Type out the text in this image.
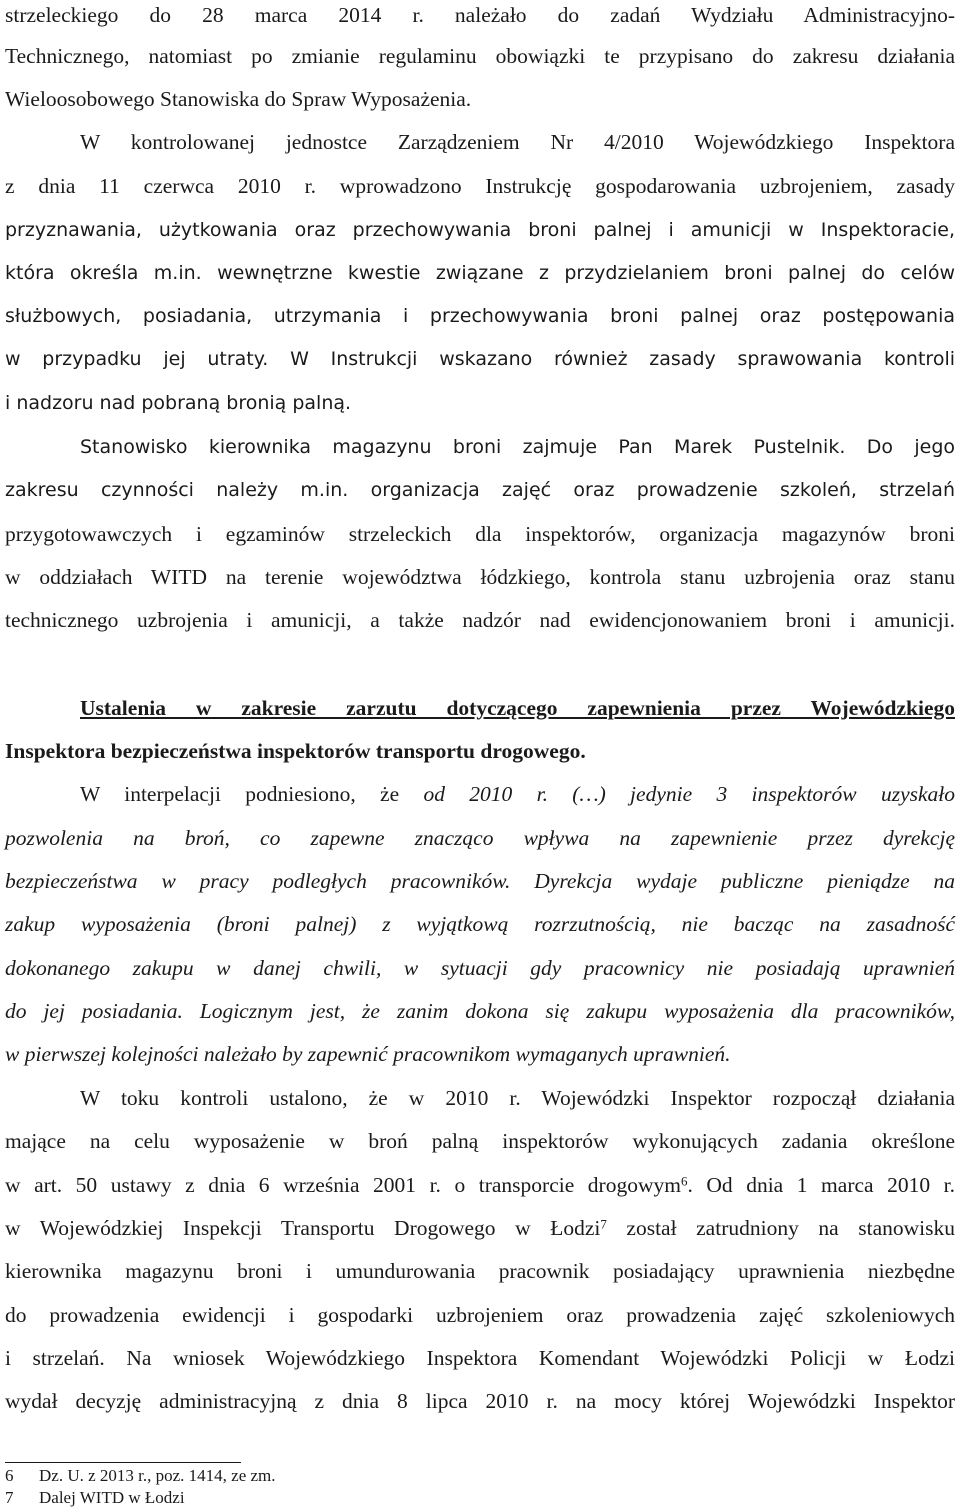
strzeleckiego do 28 marca 2014 r. należało do zadań Wydziału Administracyjno-
Technicznego, natomiast po zmianie regulaminu obowiązki te przypisano do zakresu działania
Wieloosobowego Stanowiska do Spraw Wyposażenia.
W kontrolowanej jednostce Zarządzeniem Nr 4/2010 Wojewódzkiego Inspektora
z dnia 11 czerwca 2010 r. wprowadzono Instrukcję gospodarowania uzbrojeniem, zasady
przyznawania, użytkowania oraz przechowywania broni palnej i amunicji w Inspektoracie,
która określa m.in. wewnętrzne kwestie związane z przydzielaniem broni palnej do celów
służbowych, posiadania, utrzymania i przechowywania broni palnej oraz postępowania
w przypadku jej utraty. W Instrukcji wskazano również zasady sprawowania kontroli
i nadzoru nad pobraną bronią palną.
Stanowisko kierownika magazynu broni zajmuje Pan Marek Pustelnik. Do jego
zakresu czynności należy m.in. organizacja zajęć oraz prowadzenie szkoleń, strzelań
przygotowawczych i egzaminów strzeleckich dla inspektorów, organizacja magazynów broni
w oddziałach WITD na terenie województwa łódzkiego, kontrola stanu uzbrojenia oraz stanu
technicznego uzbrojenia i amunicji, a także nadzór nad ewidencjonowaniem broni i amunicji.
Ustalenia w zakresie zarzutu dotyczącego zapewnienia przez Wojewódzkiego
Inspektora bezpieczeństwa inspektorów transportu drogowego.
W interpelacji podniesiono, że od 2010 r. (…) jedynie 3 inspektorów uzyskało
pozwolenia na broń, co zapewne znacząco wpływa na zapewnienie przez dyrekcję
bezpieczeństwa w pracy podległych pracowników. Dyrekcja wydaje publiczne pieniądze na
zakup wyposażenia (broni palnej) z wyjątkową rozrzutnością, nie bacząc na zasadność
dokonanego zakupu w danej chwili, w sytuacji gdy pracownicy nie posiadają uprawnień
do jej posiadania. Logicznym jest, że zanim dokona się zakupu wyposażenia dla pracowników,
w pierwszej kolejności należało by zapewnić pracownikom wymaganych uprawnień.
W toku kontroli ustalono, że w 2010 r. Wojewódzki Inspektor rozpoczął działania
mające na celu wyposażenie w broń palną inspektorów wykonujących zadania określone
w art. 50 ustawy z dnia 6 września 2001 r. o transporcie drogowym$^6$. Od dnia 1 marca 2010 r.
w Wojewódzkiej Inspekcji Transportu Drogowego w Łodzi$^7$ został zatrudniony na stanowisku
kierownika magazynu broni i umundurowania pracownik posiadający uprawnienia niezbędne
do prowadzenia ewidencji i gospodarki uzbrojeniem oraz prowadzenia zajęć szkoleniowych
i strzelań. Na wniosek Wojewódzkiego Inspektora Komendant Wojewódzki Policji w Łodzi
wydał decyzję administracyjną z dnia 8 lipca 2010 r. na mocy której Wojewódzki Inspektor
6 Dz. U. z 2013 r., poz. 1414, ze zm.
7 Dalej WITD w Łodzi
